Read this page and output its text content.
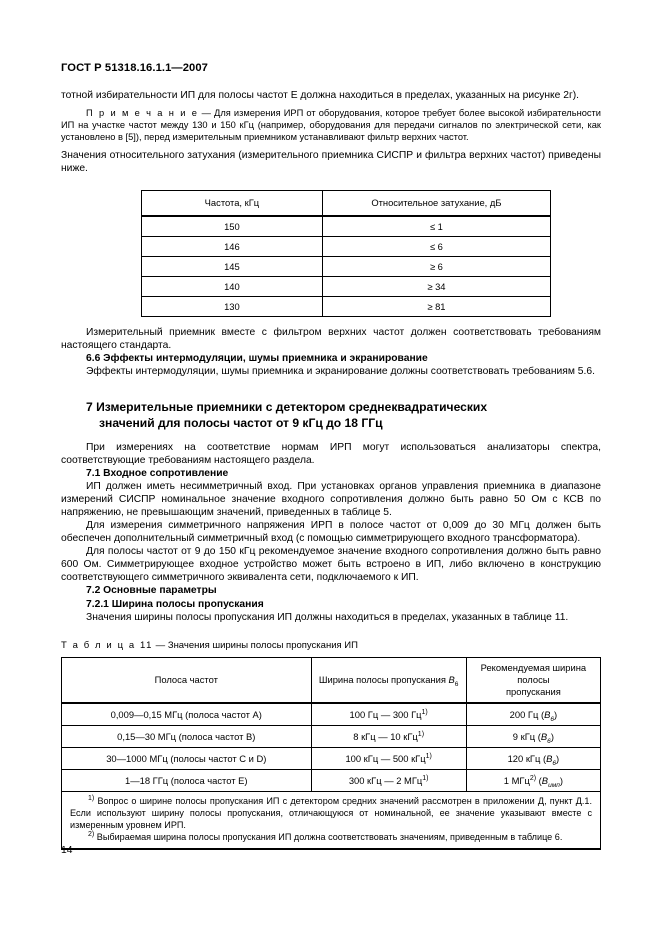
ГОСТ Р 51318.16.1.1—2007

тотной избирательности ИП для полосы частот Е должна находиться в пределах, указанных на рисунке 2г).

П р и м е ч а н и е — Для измерения ИРП от оборудования, которое требует более высокой избирательности ИП на участке частот между 130 и 150 кГц (например, оборудования для передачи сигналов по электрической сети, как установлено в [5]), перед измерительным приемником устанавливают фильтр верхних частот.

Значения относительного затухания (измерительного приемника СИСПР и фильтра верхних частот) приведены ниже.

Частота, кГц	Относительное затухание, дБ
150	≤ 1
146	≤ 6
145	≥ 6
140	≥ 34
130	≥ 81

Измерительный приемник вместе с фильтром верхних частот должен соответствовать требованиям настоящего стандарта.

6.6 Эффекты интермодуляции, шумы приемника и экранирование

Эффекты интермодуляции, шумы приемника и экранирование должны соответствовать требованиям 5.6.

7 Измерительные приемники с детектором среднеквадратических
значений для полосы частот от 9 кГц до 18 ГГц

При измерениях на соответствие нормам ИРП могут использоваться анализаторы спектра, соответствующие требованиям настоящего раздела.

7.1 Входное сопротивление

ИП должен иметь несимметричный вход. При установках органов управления приемника в диапазоне измерений СИСПР номинальное значение входного сопротивления должно быть равно 50 Ом с КСВ по напряжению, не превышающим значений, приведенных в таблице 5.

Для измерения симметричного напряжения ИРП в полосе частот от 0,009 до 30 МГц должен быть обеспечен дополнительный симметричный вход (с помощью симметрирующего входного трансформатора).

Для полосы частот от 9 до 150 кГц рекомендуемое значение входного сопротивления должно быть равно 600 Ом. Симметрирующее входное устройство может быть встроено в ИП, либо включено в конструкцию соответствующего симметричного эквивалента сети, подключаемого к ИП.

7.2 Основные параметры
7.2.1 Ширина полосы пропускания

Значения ширины полосы пропускания ИП должны находиться в пределах, указанных в таблице 11.

Т а б л и ц а 11 — Значения ширины полосы пропускания ИП
Полоса частот	Ширина полосы пропускания $B_6$	Рекомендуемая ширина полосы
пропускания
0,009—0,15 МГц (полоса частот A)	100 Гц — 300 $Гц^{1)}$	200 Гц $(B_6)$
0,15—30 МГц (полоса частот B)	8 кГц — 10 кГц$^{1)}$	9 кГц $(B_6)$
30—1000 МГц (полосы частот C и D)	100 кГц — 500 кГц$^{1)}$	120 кГц $(B_6)$
1—18 ГГц (полоса частот E)	300 кГц — 2 МГц$^{1)}$	1 МГц$^{2)}$ $(B_{имп})$

$^{1)}$ Вопрос о ширине полосы пропускания ИП с детектором средних значений рассмотрен в приложении Д, пункт Д.1. Если используют ширину полосы пропускания, отличающуюся от номинальной, ее значение указывают вместе с измеренным уровнем ИРП.

$^{2)}$ Выбираемая ширина полосы пропускания ИП должна соответствовать значениям, приведенным в таблице 6.		

14
